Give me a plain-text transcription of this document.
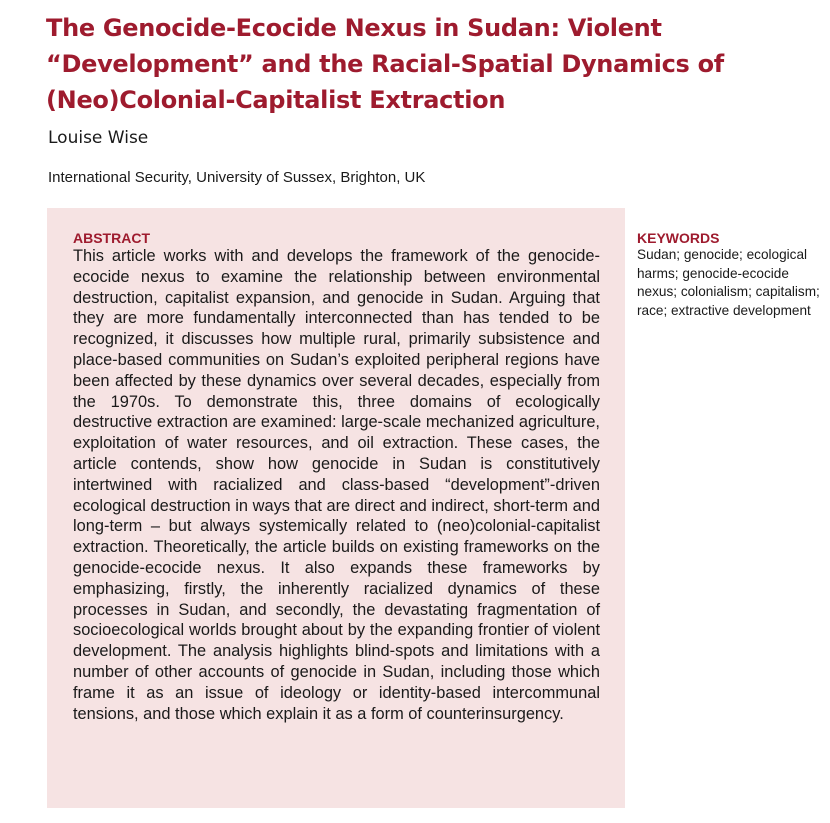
The Genocide-Ecocide Nexus in Sudan: Violent “Development” and the Racial-Spatial Dynamics of (Neo)Colonial-Capitalist Extraction
Louise Wise
International Security, University of Sussex, Brighton, UK
ABSTRACT

This article works with and develops the framework of the genocide-ecocide nexus to examine the relationship between environmental destruction, capitalist expansion, and genocide in Sudan. Arguing that they are more fundamentally interconnected than has tended to be recognized, it discusses how multiple rural, primarily subsistence and place-based communities on Sudan’s exploited peripheral regions have been affected by these dynamics over several decades, especially from the 1970s. To demonstrate this, three domains of ecologically destructive extraction are examined: large-scale mechanized agriculture, exploitation of water resources, and oil extraction. These cases, the article contends, show how genocide in Sudan is constitutively intertwined with racialized and class-based “development”-driven ecological destruction in ways that are direct and indirect, short-term and long-term – but always systemically related to (neo)colonial-capitalist extraction. Theoretically, the article builds on existing frameworks on the genocide-ecocide nexus. It also expands these frameworks by emphasizing, firstly, the inherently racialized dynamics of these processes in Sudan, and secondly, the devastating fragmentation of socioecological worlds brought about by the expanding frontier of violent development. The analysis highlights blind-spots and limitations with a number of other accounts of genocide in Sudan, including those which frame it as an issue of ideology or identity-based intercommunal tensions, and those which explain it as a form of counterinsurgency.

KEYWORDS

Sudan; genocide; ecological harms; genocide-ecocide nexus; colonialism; capitalism; race; extractive development
